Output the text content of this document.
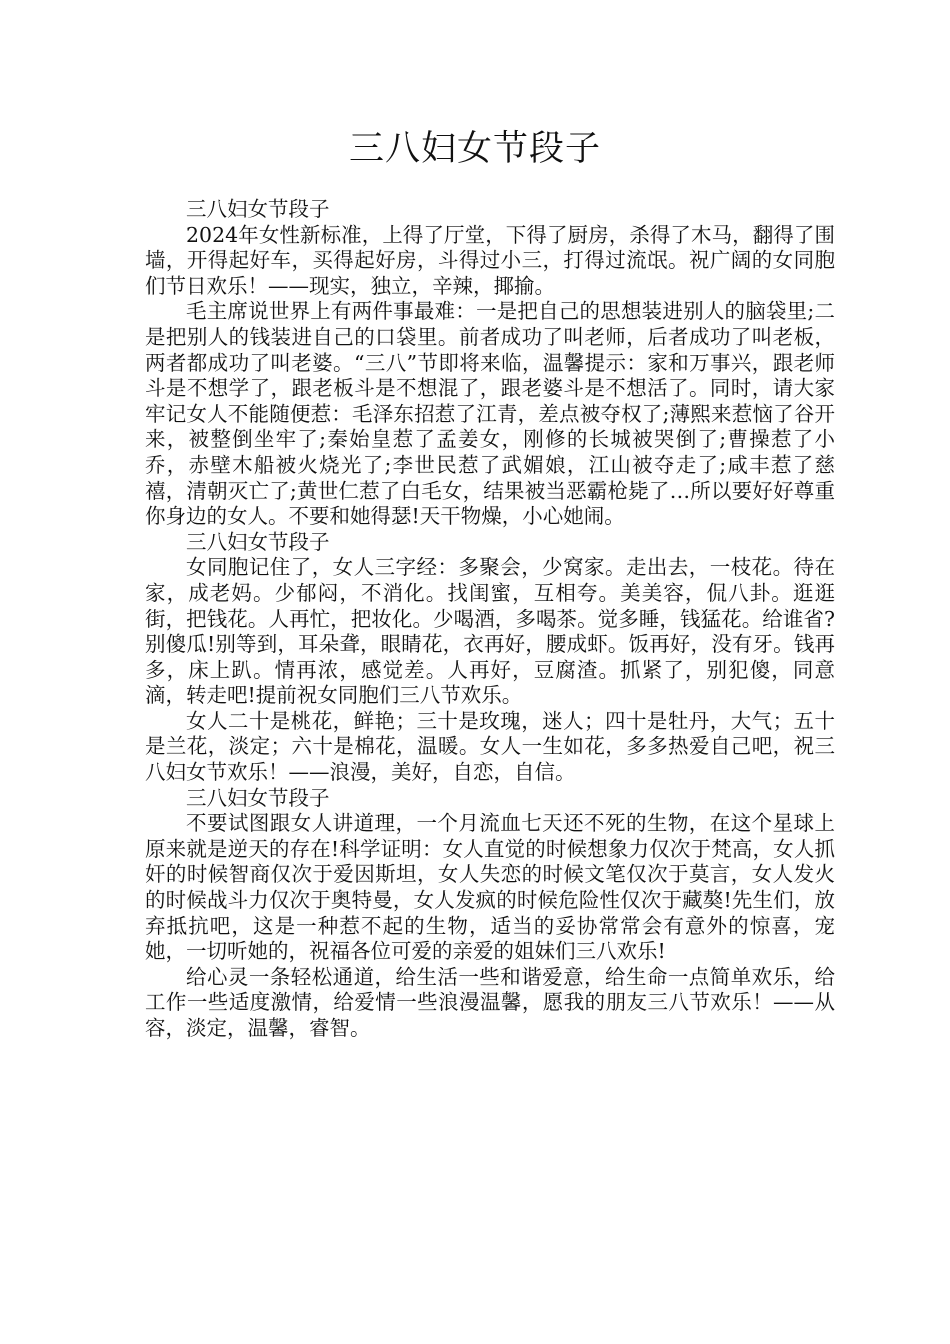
三八妇女节段子

三八妇女节段子

2024年女性新标准，上得了厅堂，下得了厨房，杀得了木马，翻得了围墙，开得起好车，买得起好房，斗得过小三，打得过流氓。祝广阔的女同胞们节日欢乐！——现实，独立，辛辣，揶揄。

毛主席说世界上有两件事最难：一是把自己的思想装进别人的脑袋里;二是把别人的钱装进自己的口袋里。前者成功了叫老师，后者成功了叫老板，两者都成功了叫老婆。“三八”节即将来临，温馨提示：家和万事兴，跟老师斗是不想学了，跟老板斗是不想混了，跟老婆斗是不想活了。同时，请大家牢记女人不能随便惹：毛泽东招惹了江青，差点被夺权了;薄熙来惹恼了谷开来，被整倒坐牢了;秦始皇惹了孟姜女，刚修的长城被哭倒了;曹操惹了小乔，赤壁木船被火烧光了;李世民惹了武媚娘，江山被夺走了;咸丰惹了慈禧，清朝灭亡了;黄世仁惹了白毛女，结果被当恶霸枪毙了…所以要好好尊重你身边的女人。不要和她得瑟!天干物燥，小心她闹。

三八妇女节段子

女同胞记住了，女人三字经：多聚会，少窝家。走出去，一枝花。待在家，成老妈。少郁闷，不消化。找闺蜜，互相夸。美美容，侃八卦。逛逛街，把钱花。人再忙，把妆化。少喝酒，多喝茶。觉多睡，钱猛花。给谁省?别傻瓜!别等到，耳朵聋，眼睛花，衣再好，腰成虾。饭再好，没有牙。钱再多，床上趴。情再浓，感觉差。人再好，豆腐渣。抓紧了，别犯傻，同意滴，转走吧!提前祝女同胞们三八节欢乐。

女人二十是桃花，鲜艳；三十是玫瑰，迷人；四十是牡丹，大气；五十是兰花，淡定；六十是棉花，温暖。女人一生如花，多多热爱自己吧，祝三八妇女节欢乐！——浪漫，美好，自恋，自信。

三八妇女节段子

不要试图跟女人讲道理，一个月流血七天还不死的生物，在这个星球上原来就是逆天的存在!科学证明：女人直觉的时候想象力仅次于梵高，女人抓奸的时候智商仅次于爱因斯坦，女人失恋的时候文笔仅次于莫言，女人发火的时候战斗力仅次于奥特曼，女人发疯的时候危险性仅次于藏獒!先生们，放弃抵抗吧，这是一种惹不起的生物，适当的妥协常常会有意外的惊喜，宠她，一切听她的，祝福各位可爱的亲爱的姐妹们三八欢乐!

给心灵一条轻松通道，给生活一些和谐爱意，给生命一点简单欢乐，给工作一些适度激情，给爱情一些浪漫温馨，愿我的朋友三八节欢乐！——从容，淡定，温馨，睿智。
